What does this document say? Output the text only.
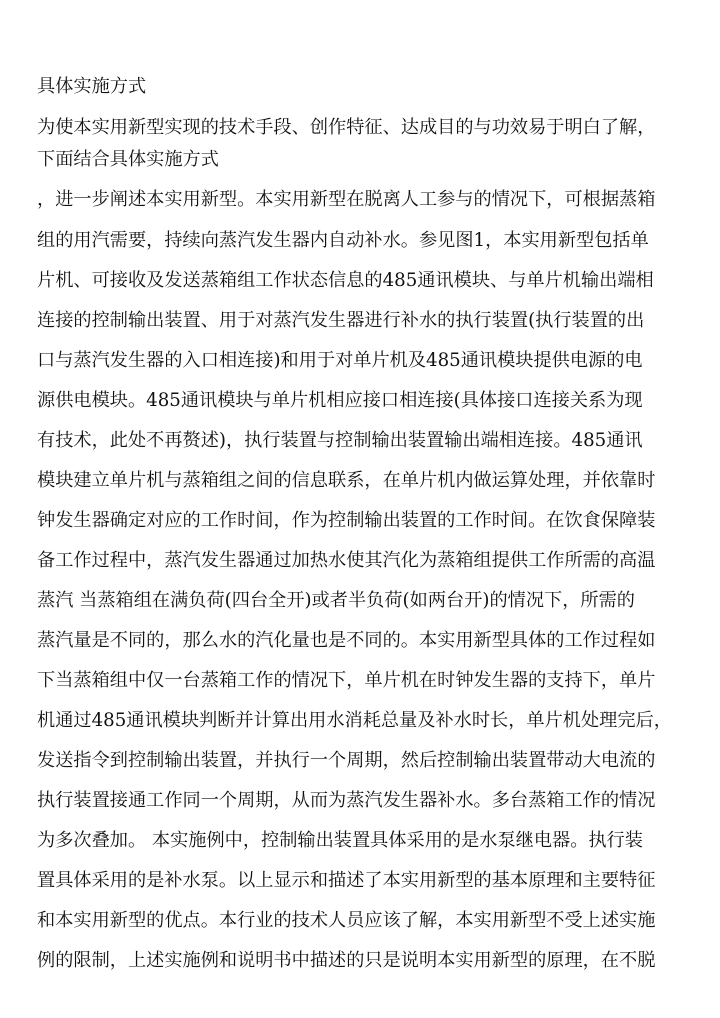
具体实施方式
为使本实用新型实现的技术手段、创作特征、达成目的与功效易于明白了解，
下面结合具体实施方式
，进一步阐述本实用新型。本实用新型在脱离人工参与的情况下，可根据蒸箱
组的用汽需要，持续向蒸汽发生器内自动补水。参见图1，本实用新型包括单
片机、可接收及发送蒸箱组工作状态信息的485通讯模块、与单片机输出端相
连接的控制输出装置、用于对蒸汽发生器进行补水的执行装置(执行装置的出
口与蒸汽发生器的入口相连接)和用于对单片机及485通讯模块提供电源的电
源供电模块。485通讯模块与单片机相应接口相连接(具体接口连接关系为现
有技术，此处不再赘述)，执行装置与控制输出装置输出端相连接。485通讯
模块建立单片机与蒸箱组之间的信息联系，在单片机内做运算处理，并依靠时
钟发生器确定对应的工作时间，作为控制输出装置的工作时间。在饮食保障装
备工作过程中，蒸汽发生器通过加热水使其汽化为蒸箱组提供工作所需的高温
蒸汽 当蒸箱组在满负荷(四台全开)或者半负荷(如两台开)的情况下，所需的
蒸汽量是不同的，那么水的汽化量也是不同的。本实用新型具体的工作过程如
下当蒸箱组中仅一台蒸箱工作的情况下，单片机在时钟发生器的支持下，单片
机通过485通讯模块判断并计算出用水消耗总量及补水时长，单片机处理完后，
发送指令到控制输出装置，并执行一个周期，然后控制输出装置带动大电流的
执行装置接通工作同一个周期，从而为蒸汽发生器补水。多台蒸箱工作的情况
为多次叠加。 本实施例中，控制输出装置具体采用的是水泵继电器。执行装
置具体采用的是补水泵。以上显示和描述了本实用新型的基本原理和主要特征
和本实用新型的优点。本行业的技术人员应该了解，本实用新型不受上述实施
例的限制，上述实施例和说明书中描述的只是说明本实用新型的原理，在不脱
